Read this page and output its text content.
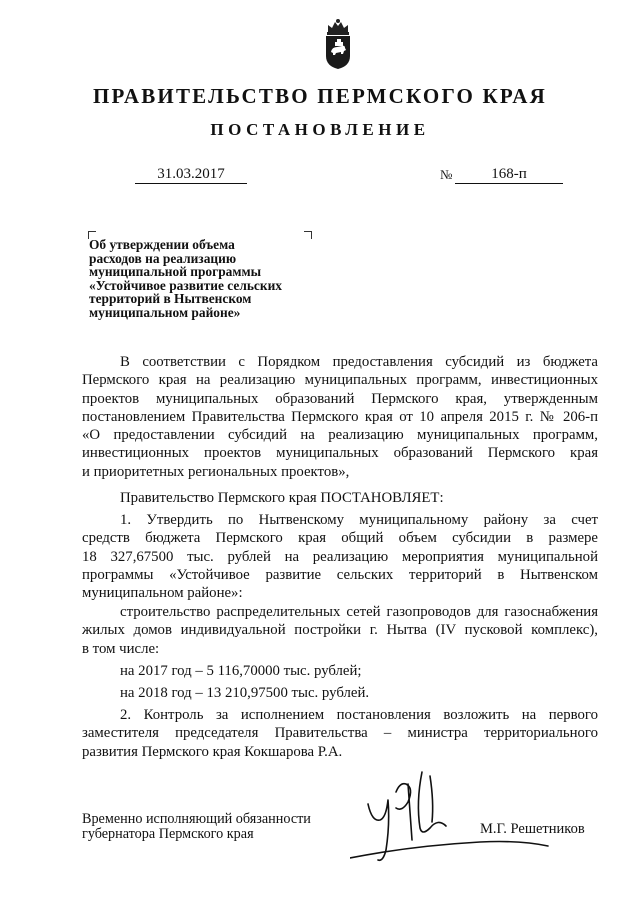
ПРАВИТЕЛЬСТВО ПЕРМСКОГО КРАЯ
ПОСТАНОВЛЕНИЕ
31.03.2017	№	168-п
Об утверждении объема
расходов на реализацию
муниципальной программы
«Устойчивое развитие сельских
территорий в Нытвенском
муниципальном районе»
В соответствии с Порядком предоставления субсидий из бюджета
Пермского края на реализацию муниципальных программ, инвестиционных
проектов муниципальных образований Пермского края, утвержденным
постановлением Правительства Пермского края от 10 апреля 2015 г. № 206-п
«О предоставлении субсидий на реализацию муниципальных программ,
инвестиционных проектов муниципальных образований Пермского края
и приоритетных региональных проектов»,
Правительство Пермского края ПОСТАНОВЛЯЕТ:
1. Утвердить по Нытвенскому муниципальному району за счет
средств бюджета Пермского края общий объем субсидии в размере
18 327,67500 тыс. рублей на реализацию мероприятия муниципальной
программы «Устойчивое развитие сельских территорий в Нытвенском
муниципальном районе»:
строительство распределительных сетей газопроводов для газоснабжения
жилых домов индивидуальной постройки г. Нытва (IV пусковой комплекс),
в том числе:
на 2017 год – 5 116,70000 тыс. рублей;
на 2018 год – 13 210,97500 тыс. рублей.
2. Контроль за исполнением постановления возложить на первого
заместителя председателя Правительства – министра территориального
развития Пермского края Кокшарова Р.А.
Временно исполняющий обязанности
губернатора Пермского края	М.Г. Решетников
